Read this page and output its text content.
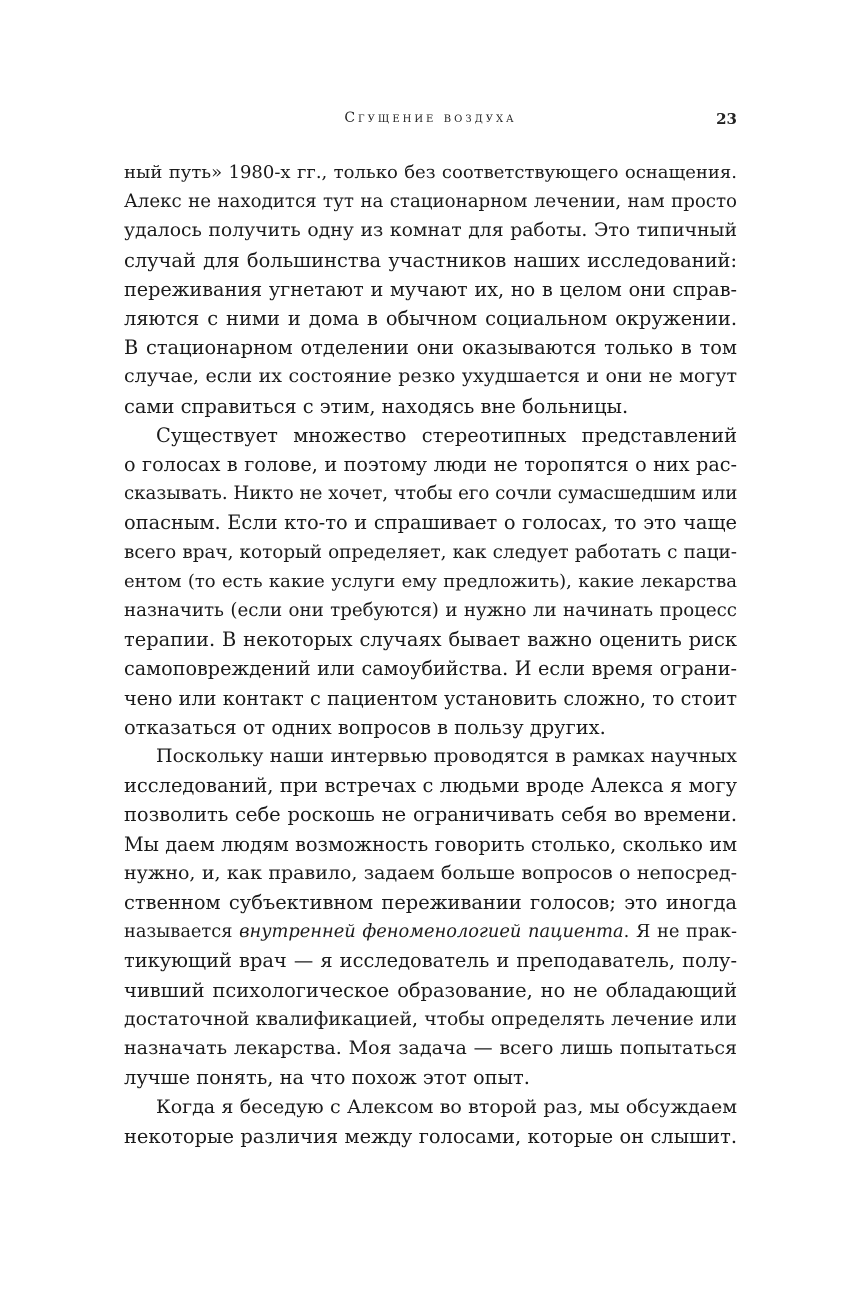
Сгущение воздуха	23
ный путь» 1980-х гг., только без соответствующего оснащения.
Алекс не находится тут на стационарном лечении, нам просто
удалось получить одну из комнат для работы. Это типичный
случай для большинства участников наших исследований:
переживания угнетают и мучают их, но в целом они справ-
ляются с ними и дома в обычном социальном окружении.
В стационарном отделении они оказываются только в том
случае, если их состояние резко ухудшается и они не могут
сами справиться с этим, находясь вне больницы.
Существует множество стереотипных представлений
о голосах в голове, и поэтому люди не торопятся о них рас-
сказывать. Никто не хочет, чтобы его сочли сумасшедшим или
опасным. Если кто-то и спрашивает о голосах, то это чаще
всего врач, который определяет, как следует работать с паци-
ентом (то есть какие услуги ему предложить), какие лекарства
назначить (если они требуются) и нужно ли начинать процесс
терапии. В некоторых случаях бывает важно оценить риск
самоповреждений или самоубийства. И если время ограни-
чено или контакт с пациентом установить сложно, то стоит
отказаться от одних вопросов в пользу других.
Поскольку наши интервью проводятся в рамках научных
исследований, при встречах с людьми вроде Алекса я могу
позволить себе роскошь не ограничивать себя во времени.
Мы даем людям возможность говорить столько, сколько им
нужно, и, как правило, задаем больше вопросов о непосред-
ственном субъективном переживании голосов; это иногда
называется внутренней феноменологией пациента. Я не прак-
тикующий врач — я исследователь и преподаватель, полу-
чивший психологическое образование, но не обладающий
достаточной квалификацией, чтобы определять лечение или
назначать лекарства. Моя задача — всего лишь попытаться
лучше понять, на что похож этот опыт.
Когда я беседую с Алексом во второй раз, мы обсуждаем
некоторые различия между голосами, которые он слышит.
